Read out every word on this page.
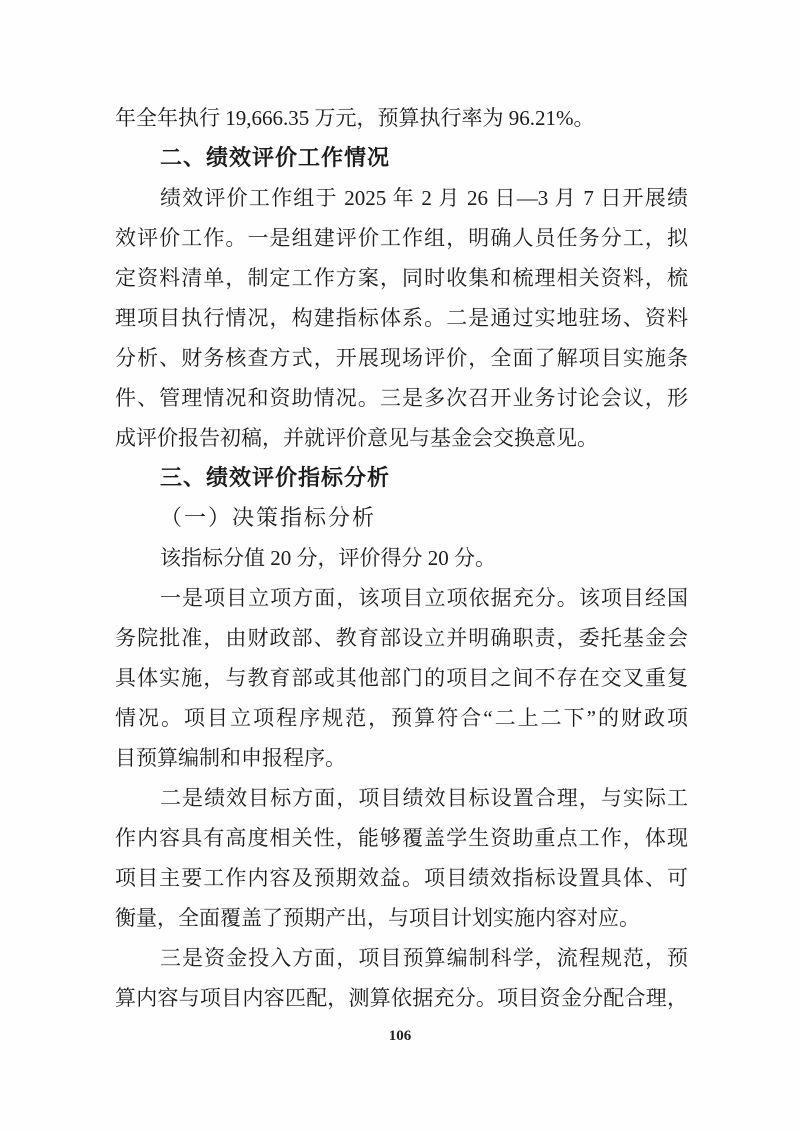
年全年执行 19,666.35 万元，预算执行率为 96.21%。
二、绩效评价工作情况
绩效评价工作组于 2025 年 2 月 26 日—3 月 7 日开展绩
效评价工作。一是组建评价工作组，明确人员任务分工，拟
定资料清单，制定工作方案，同时收集和梳理相关资料，梳
理项目执行情况，构建指标体系。二是通过实地驻场、资料
分析、财务核查方式，开展现场评价，全面了解项目实施条
件、管理情况和资助情况。三是多次召开业务讨论会议，形
成评价报告初稿，并就评价意见与基金会交换意见。
三、绩效评价指标分析
（一）决策指标分析
该指标分值 20 分，评价得分 20 分。
一是项目立项方面，该项目立项依据充分。该项目经国
务院批准，由财政部、教育部设立并明确职责，委托基金会
具体实施，与教育部或其他部门的项目之间不存在交叉重复
情况。项目立项程序规范，预算符合“二上二下”的财政项
目预算编制和申报程序。
二是绩效目标方面，项目绩效目标设置合理，与实际工
作内容具有高度相关性，能够覆盖学生资助重点工作，体现
项目主要工作内容及预期效益。项目绩效指标设置具体、可
衡量，全面覆盖了预期产出，与项目计划实施内容对应。
三是资金投入方面，项目预算编制科学，流程规范，预
算内容与项目内容匹配，测算依据充分。项目资金分配合理，
106
